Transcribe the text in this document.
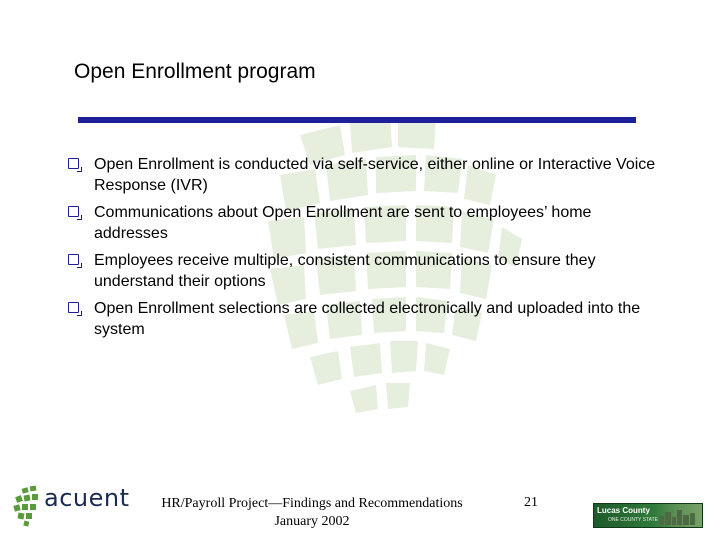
Open Enrollment program
Open Enrollment is conducted via self-service, either online or Interactive Voice Response (IVR)
Communications about Open Enrollment are sent to employees’ home addresses
Employees receive multiple, consistent communications to ensure they understand their options
Open Enrollment selections are collected electronically and uploaded into the system
acuent	HR/Payroll Project—Findings and Recommendations
January 2002
21
Lucas County
ONE COUNTY STATE
